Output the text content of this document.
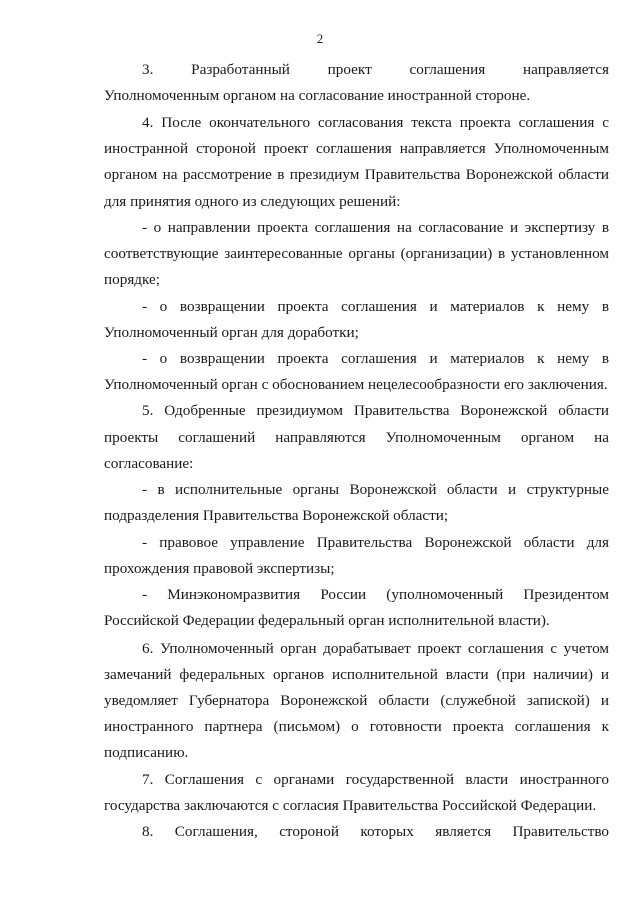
2
3. Разработанный проект соглашения направляется
Уполномоченным органом на согласование иностранной стороне.
4. После окончательного согласования текста проекта соглашения с
иностранной стороной проект соглашения направляется Уполномоченным
органом на рассмотрение в президиум Правительства Воронежской области
для принятия одного из следующих решений:
- о направлении проекта соглашения на согласование и экспертизу в
соответствующие заинтересованные органы (организации) в установленном
порядке;
- о возвращении проекта соглашения и материалов к нему в
Уполномоченный орган для доработки;
- о возвращении проекта соглашения и материалов к нему в
Уполномоченный орган с обоснованием нецелесообразности его заключения.
5. Одобренные президиумом Правительства Воронежской области
проекты соглашений направляются Уполномоченным органом на
согласование:
- в исполнительные органы Воронежской области и структурные
подразделения Правительства Воронежской области;
- правовое управление Правительства Воронежской области для
прохождения правовой экспертизы;
- Минэкономразвития России (уполномоченный Президентом
Российской Федерации федеральный орган исполнительной власти).
6. Уполномоченный орган дорабатывает проект соглашения с учетом
замечаний федеральных органов исполнительной власти (при наличии) и
уведомляет Губернатора Воронежской области (служебной запиской) и
иностранного партнера (письмом) о готовности проекта соглашения к
подписанию.
7. Соглашения с органами государственной власти иностранного
государства заключаются с согласия Правительства Российской Федерации.
8. Соглашения, стороной которых является Правительство
